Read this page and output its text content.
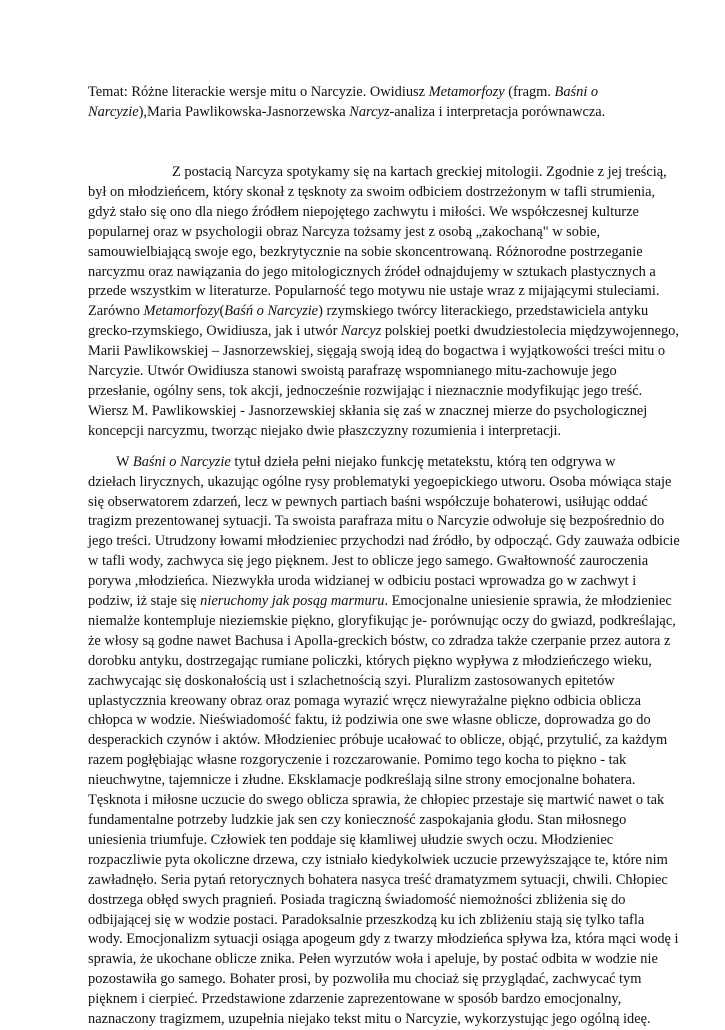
Temat: Różne literackie wersje mitu o Narcyzie. Owidiusz Metamorfozy (fragm. Baśni o
Narcyzie),Maria Pawlikowska-Jasnorzewska Narcyz-analiza i interpretacja porównawcza.
Z postacią Narcyza spotykamy się na kartach greckiej mitologii. Zgodnie z jej treścią,
był on młodzieńcem, który skonał z tęsknoty za swoim odbiciem dostrzeżonym w tafli strumienia,
gdyż stało się ono dla niego źródłem niepojętego zachwytu i miłości. We współczesnej kulturze
popularnej oraz w psychologii obraz Narcyza tożsamy jest z osobą „zakochaną" w sobie,
samouwielbiającą swoje ego, bezkrytycznie na sobie skoncentrowaną. Różnorodne postrzeganie
narcyzmu oraz nawiązania do jego mitologicznych źródeł odnajdujemy w sztukach plastycznych a
przede wszystkim w literaturze. Popularność tego motywu nie ustaje wraz z mijającymi stuleciami.
Zarówno Metamorfozy(Baśń o Narcyzie) rzymskiego twórcy literackiego, przedstawiciela antyku
grecko-rzymskiego, Owidiusza, jak i utwór Narcyz polskiej poetki dwudziestolecia międzywojennego,
Marii Pawlikowskiej – Jasnorzewskiej, sięgają swoją ideą do bogactwa i wyjątkowości treści mitu o
Narcyzie. Utwór Owidiusza stanowi swoistą parafrazę wspomnianego mitu-zachowuje jego
przesłanie, ogólny sens, tok akcji, jednocześnie rozwijając i nieznacznie modyfikując jego treść.
Wiersz M. Pawlikowskiej - Jasnorzewskiej skłania się zaś w znacznej mierze do psychologicznej
koncepcji narcyzmu, tworząc niejako dwie płaszczyzny rozumienia i interpretacji.
W Baśni o Narcyzie tytuł dzieła pełni niejako funkcję metatekstu, którą ten odgrywa w
dziełach lirycznych, ukazując ogólne rysy problematyki yegoepickiego utworu. Osoba mówiąca staje
się obserwatorem zdarzeń, lecz w pewnych partiach baśni współczuje bohaterowi, usiłując oddać
tragizm prezentowanej sytuacji. Ta swoista parafraza mitu o Narcyzie odwołuje się bezpośrednio do
jego treści. Utrudzony łowami młodzieniec przychodzi nad źródło, by odpocząć. Gdy zauważa odbicie
w tafli wody, zachwyca się jego pięknem. Jest to oblicze jego samego. Gwałtowność zauroczenia
porywa ,młodzieńca. Niezwykła uroda widzianej w odbiciu postaci wprowadza go w zachwyt i
podziw, iż staje się nieruchomy jak posąg marmuru. Emocjonalne uniesienie sprawia, że młodzieniec
niemalże kontempluje nieziemskie piękno, gloryfikując je- porównując oczy do gwiazd, podkreślając,
że włosy są godne nawet Bachusa i Apolla-greckich bóstw, co zdradza także czerpanie przez autora z
dorobku antyku, dostrzegając rumiane policzki, których piękno wypływa z młodzieńczego wieku,
zachwycając się doskonałością ust i szlachetnością szyi. Pluralizm zastosowanych epitetów
uplastyczznia kreowany obraz oraz pomaga wyrazić wręcz niewyrażalne piękno odbicia oblicza
chłopca w wodzie. Nieświadomość faktu, iż podziwia one swe własne oblicze, doprowadza go do
desperackich czynów i aktów. Młodzieniec próbuje ucałować to oblicze, objąć, przytulić, za każdym
razem pogłębiając własne rozgoryczenie i rozczarowanie. Pomimo tego kocha to piękno - tak
nieuchwytne, tajemnicze i złudne. Eksklamacje podkreślają silne strony emocjonalne bohatera.
Tęsknota i miłosne uczucie do swego oblicza sprawia, że chłopiec przestaje się martwić nawet o tak
fundamentalne potrzeby ludzkie jak sen czy konieczność zaspokajania głodu. Stan miłosnego
uniesienia triumfuje. Człowiek ten poddaje się kłamliwej ułudzie swych oczu. Młodzieniec
rozpaczliwie pyta okoliczne drzewa, czy istniało kiedykolwiek uczucie przewyższające te, które nim
zawładnęło. Seria pytań retorycznych bohatera nasyca treść dramatyzmem sytuacji, chwili. Chłopiec
dostrzega obłęd swych pragnień. Posiada tragiczną świadomość niemożności zbliżenia się do
odbijającej się w wodzie postaci. Paradoksalnie przeszkodzą ku ich zbliżeniu stają się tylko tafla
wody. Emocjonalizm sytuacji osiąga apogeum gdy z twarzy młodzieńca spływa łza, która mąci wodę i
sprawia, że ukochane oblicze znika. Pełen wyrzutów woła i apeluje, by postać odbita w wodzie nie
pozostawiła go samego. Bohater prosi, by pozwoliła mu chociaż się przyglądać, zachwycać tym
pięknem i cierpieć. Przedstawione zdarzenie zaprezentowane w sposób bardzo emocjonalny,
naznaczony tragizmem, uzupełnia niejako tekst mitu o Narcyzie, wykorzystując jego ogólną ideę.
